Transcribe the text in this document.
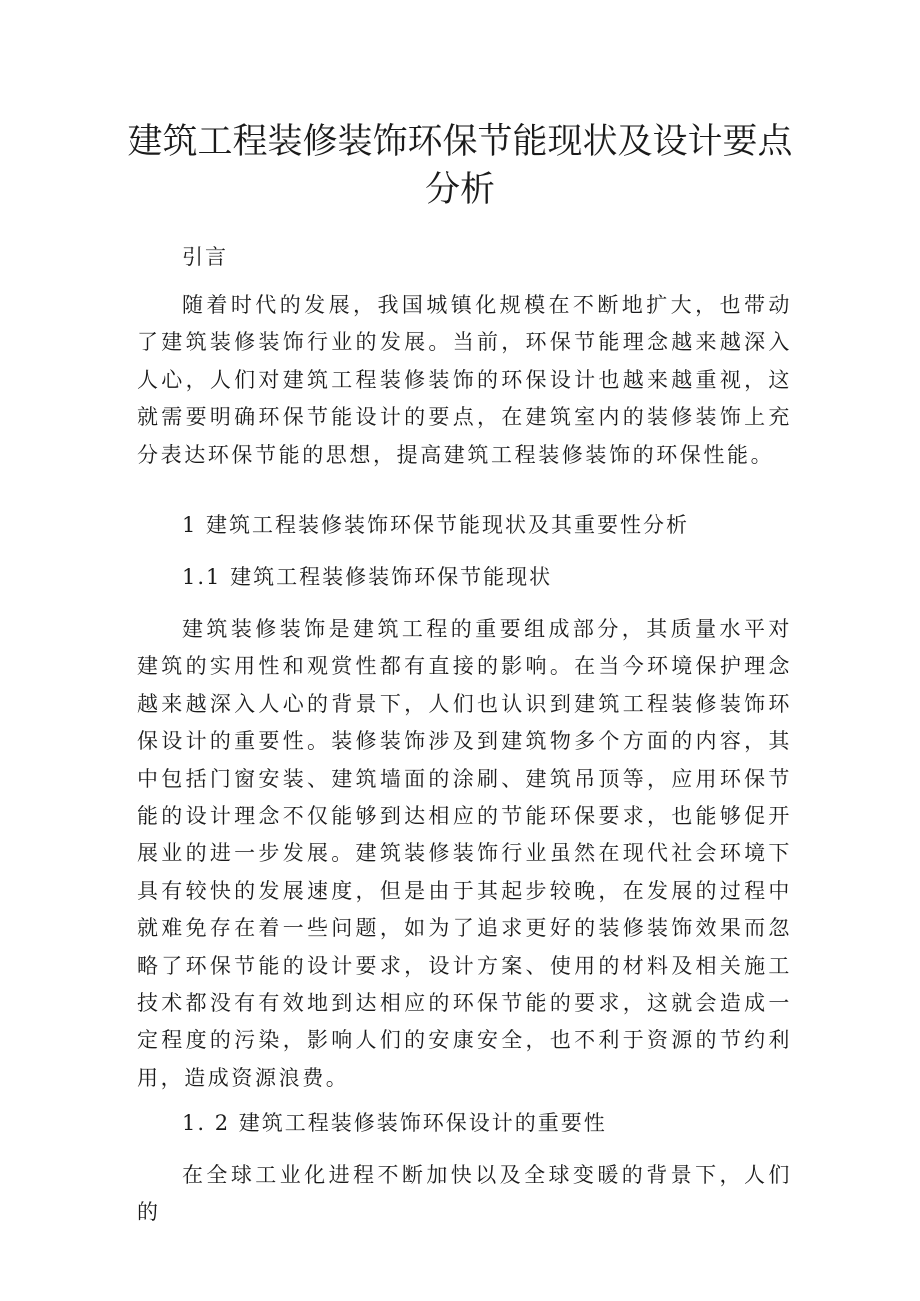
建筑工程装修装饰环保节能现状及设计要点分析

引言

随着时代的发展，我国城镇化规模在不断地扩大，也带动了建筑装修装饰行业的发展。当前，环保节能理念越来越深入人心，人们对建筑工程装修装饰的环保设计也越来越重视，这就需要明确环保节能设计的要点，在建筑室内的装修装饰上充分表达环保节能的思想，提高建筑工程装修装饰的环保性能。

1 建筑工程装修装饰环保节能现状及其重要性分析

1.1 建筑工程装修装饰环保节能现状

建筑装修装饰是建筑工程的重要组成部分，其质量水平对建筑的实用性和观赏性都有直接的影响。在当今环境保护理念越来越深入人心的背景下，人们也认识到建筑工程装修装饰环保设计的重要性。装修装饰涉及到建筑物多个方面的内容，其中包括门窗安装、建筑墙面的涂刷、建筑吊顶等，应用环保节能的设计理念不仅能够到达相应的节能环保要求，也能够促开展业的进一步发展。建筑装修装饰行业虽然在现代社会环境下具有较快的发展速度，但是由于其起步较晚，在发展的过程中就难免存在着一些问题，如为了追求更好的装修装饰效果而忽略了环保节能的设计要求，设计方案、使用的材料及相关施工技术都没有有效地到达相应的环保节能的要求，这就会造成一定程度的污染，影响人们的安康安全，也不利于资源的节约利用，造成资源浪费。

1. 2 建筑工程装修装饰环保设计的重要性

在全球工业化进程不断加快以及全球变暖的背景下，人们的
